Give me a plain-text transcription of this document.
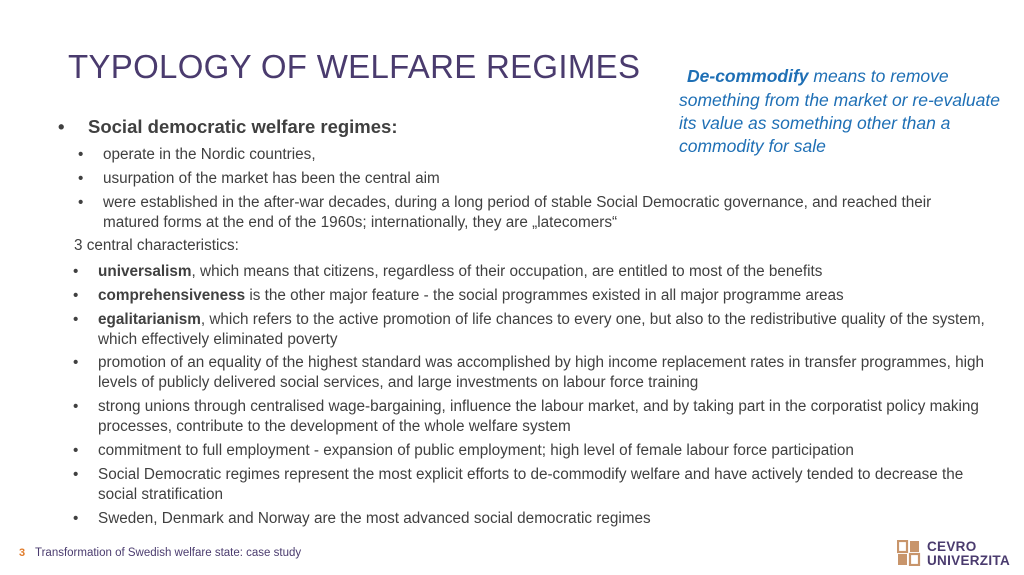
TYPOLOGY OF WELFARE REGIMES	De-commodify means to remove something from the market or re-evaluate its value as something other than a commodity for sale
• Social democratic welfare regimes:
• operate in the Nordic countries,
• usurpation of the market has been the central aim
• were established in the after-war decades, during a long period of stable Social Democratic governance, and reached their matured forms at the end of the 1960s; internationally, they are „latecomers“
3 central characteristics:
• universalism, which means that citizens, regardless of their occupation, are entitled to most of the benefits
• comprehensiveness is the other major feature - the social programmes existed in all major programme areas
• egalitarianism, which refers to the active promotion of life chances to every one, but also to the redistributive quality of the system, which effectively eliminated poverty
• promotion of an equality of the highest standard was accomplished by high income replacement rates in transfer programmes, high levels of publicly delivered social services, and large investments on labour force training
• strong unions through centralised wage-bargaining, influence the labour market, and by taking part in the corporatist policy making processes, contribute to the development of the whole welfare system
• commitment to full employment - expansion of public employment; high level of female labour force participation
• Social Democratic regimes represent the most explicit efforts to de-commodify welfare and have actively tended to decrease the social stratification
• Sweden, Denmark and Norway are the most advanced social democratic regimes
3 Transformation of Swedish welfare state: case study	CEVRO
UNIVERZITA
